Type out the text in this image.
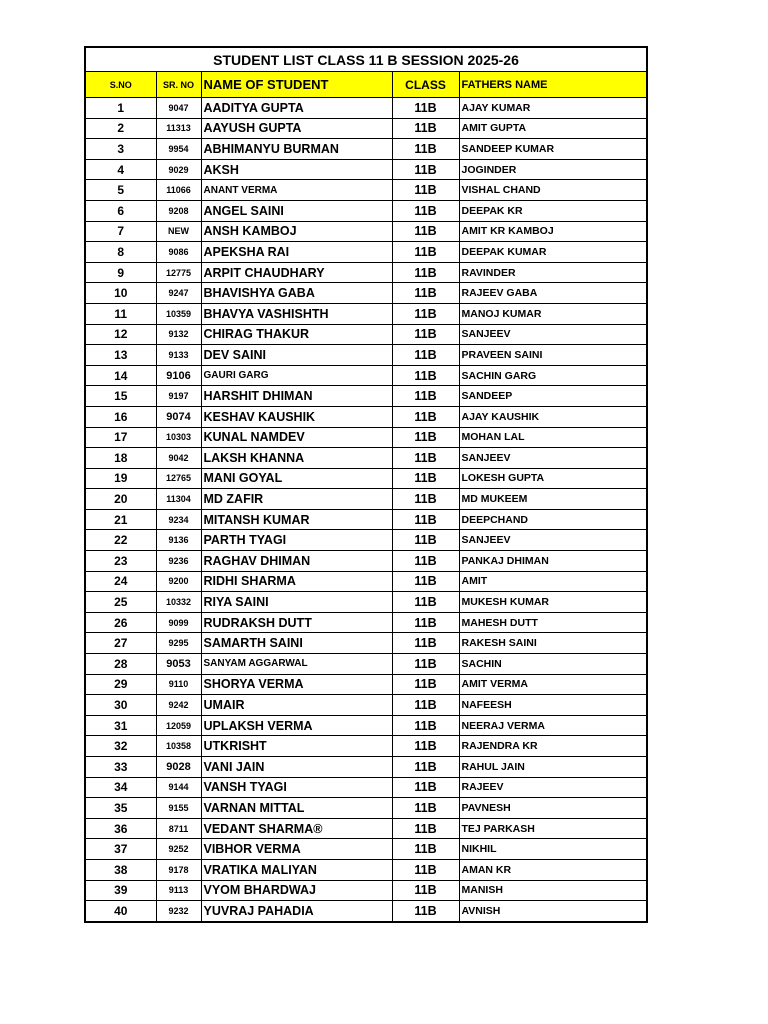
STUDENT LIST CLASS 11 B SESSION 2025-26				
S.NO	SR. NO	NAME OF STUDENT	CLASS	FATHERS NAME
1	9047	AADITYA GUPTA	11B	AJAY KUMAR
2	11313	AAYUSH GUPTA	11B	AMIT GUPTA
3	9954	ABHIMANYU BURMAN	11B	SANDEEP KUMAR
4	9029	AKSH	11B	JOGINDER
5	11066	ANANT VERMA	11B	VISHAL CHAND
6	9208	ANGEL SAINI	11B	DEEPAK KR
7	NEW	ANSH KAMBOJ	11B	AMIT KR KAMBOJ
8	9086	APEKSHA RAI	11B	DEEPAK KUMAR
9	12775	ARPIT CHAUDHARY	11B	RAVINDER
10	9247	BHAVISHYA GABA	11B	RAJEEV GABA
11	10359	BHAVYA VASHISHTH	11B	MANOJ KUMAR
12	9132	CHIRAG THAKUR	11B	SANJEEV
13	9133	DEV SAINI	11B	PRAVEEN SAINI
14	9106	GAURI GARG	11B	SACHIN GARG
15	9197	HARSHIT DHIMAN	11B	SANDEEP
16	9074	KESHAV KAUSHIK	11B	AJAY KAUSHIK
17	10303	KUNAL NAMDEV	11B	MOHAN LAL
18	9042	LAKSH KHANNA	11B	SANJEEV
19	12765	MANI GOYAL	11B	LOKESH GUPTA
20	11304	MD ZAFIR	11B	MD MUKEEM
21	9234	MITANSH KUMAR	11B	DEEPCHAND
22	9136	PARTH TYAGI	11B	SANJEEV
23	9236	RAGHAV DHIMAN	11B	PANKAJ DHIMAN
24	9200	RIDHI SHARMA	11B	AMIT
25	10332	RIYA SAINI	11B	MUKESH KUMAR
26	9099	RUDRAKSH DUTT	11B	MAHESH DUTT
27	9295	SAMARTH SAINI	11B	RAKESH SAINI
28	9053	SANYAM AGGARWAL	11B	SACHIN
29	9110	SHORYA VERMA	11B	AMIT VERMA
30	9242	UMAIR	11B	NAFEESH
31	12059	UPLAKSH VERMA	11B	NEERAJ VERMA
32	10358	UTKRISHT	11B	RAJENDRA KR
33	9028	VANI JAIN	11B	RAHUL JAIN
34	9144	VANSH TYAGI	11B	RAJEEV
35	9155	VARNAN MITTAL	11B	PAVNESH
36	8711	VEDANT SHARMA®	11B	TEJ PARKASH
37	9252	VIBHOR VERMA	11B	NIKHIL
38	9178	VRATIKA MALIYAN	11B	AMAN KR
39	9113	VYOM BHARDWAJ	11B	MANISH
40	9232	YUVRAJ PAHADIA	11B	AVNISH
